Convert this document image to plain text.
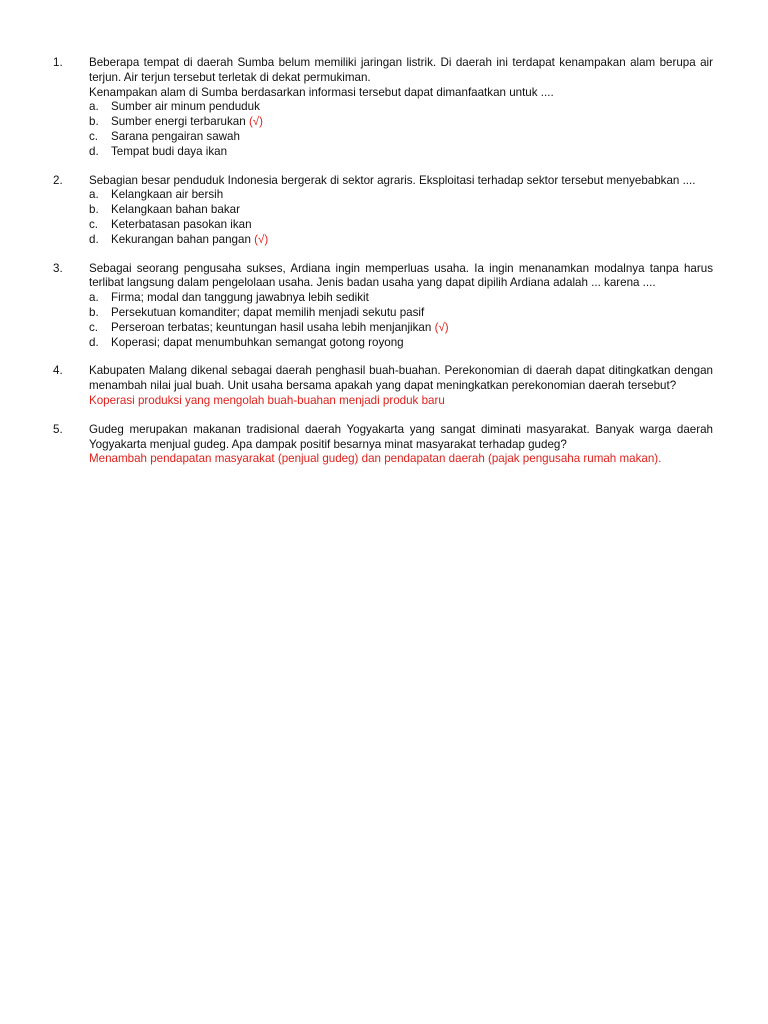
1. Beberapa tempat di daerah Sumba belum memiliki jaringan listrik. Di daerah ini terdapat kenampakan alam berupa air terjun. Air terjun tersebut terletak di dekat permukiman.
Kenampakan alam di Sumba berdasarkan informasi tersebut dapat dimanfaatkan untuk ....
a. Sumber air minum penduduk
b. Sumber energi terbarukan (√)
c. Sarana pengairan sawah
d. Tempat budi daya ikan
2. Sebagian besar penduduk Indonesia bergerak di sektor agraris. Eksploitasi terhadap sektor tersebut menyebabkan ....
a. Kelangkaan air bersih
b. Kelangkaan bahan bakar
c. Keterbatasan pasokan ikan
d. Kekurangan bahan pangan (√)
3. Sebagai seorang pengusaha sukses, Ardiana ingin memperluas usaha. Ia ingin menanamkan modalnya tanpa harus terlibat langsung dalam pengelolaan usaha. Jenis badan usaha yang dapat dipilih Ardiana adalah ... karena ....
a. Firma; modal dan tanggung jawabnya lebih sedikit
b. Persekutuan komanditer; dapat memilih menjadi sekutu pasif
c. Perseroan terbatas; keuntungan hasil usaha lebih menjanjikan (√)
d. Koperasi; dapat menumbuhkan semangat gotong royong
4. Kabupaten Malang dikenal sebagai daerah penghasil buah-buahan. Perekonomian di daerah dapat ditingkatkan dengan menambah nilai jual buah. Unit usaha bersama apakah yang dapat meningkatkan perekonomian daerah tersebut?
Koperasi produksi yang mengolah buah-buahan menjadi produk baru
5. Gudeg merupakan makanan tradisional daerah Yogyakarta yang sangat diminati masyarakat. Banyak warga daerah Yogyakarta menjual gudeg. Apa dampak positif besarnya minat masyarakat terhadap gudeg?
Menambah pendapatan masyarakat (penjual gudeg) dan pendapatan daerah (pajak pengusaha rumah makan).
